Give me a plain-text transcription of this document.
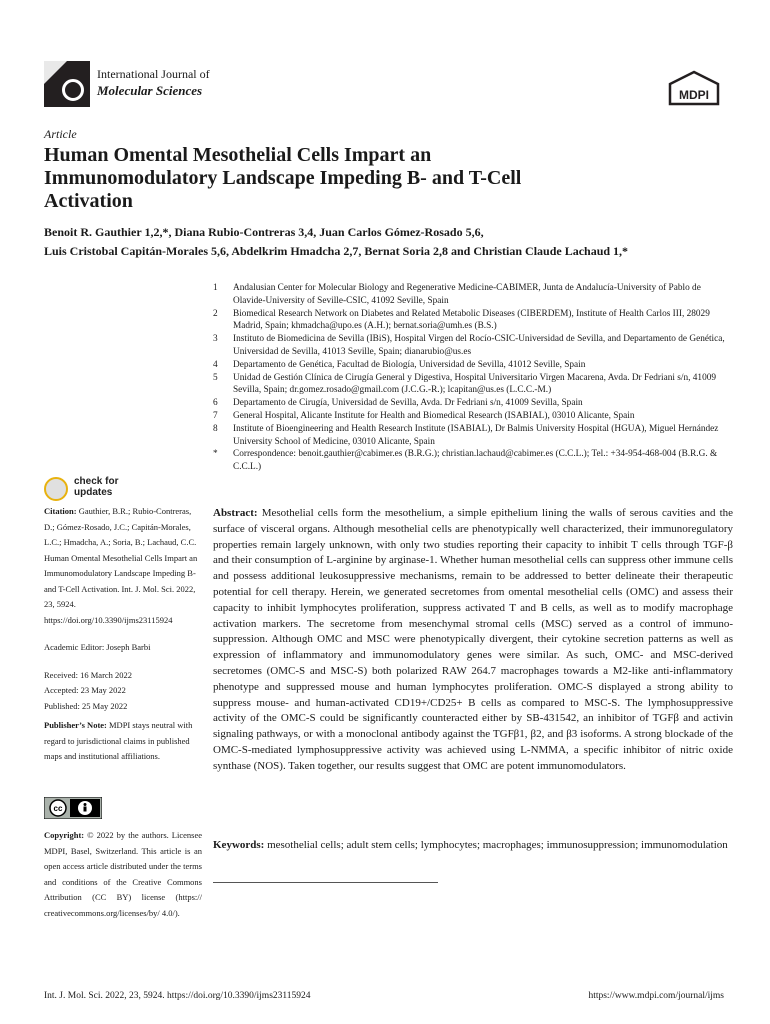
International Journal of
Molecular Sciences	MDPI
Article
Human Omental Mesothelial Cells Impart an Immunomodulatory Landscape Impeding B- and T-Cell Activation
Benoit R. Gauthier 1,2,*, Diana Rubio-Contreras 3,4, Juan Carlos Gómez-Rosado 5,6,
Luis Cristobal Capitán-Morales 5,6, Abdelkrim Hmadcha 2,7, Bernat Soria 2,8 and Christian Claude Lachaud 1,*
1	Andalusian Center for Molecular Biology and Regenerative Medicine-CABIMER, Junta de Andalucía-University of Pablo de Olavide-University of Seville-CSIC, 41092 Seville, Spain
2	Biomedical Research Network on Diabetes and Related Metabolic Diseases (CIBERDEM), Institute of Health Carlos III, 28029 Madrid, Spain; khmadcha@upo.es (A.H.); bernat.soria@umh.es (B.S.)
3	Instituto de Biomedicina de Sevilla (IBiS), Hospital Virgen del Rocío-CSIC-Universidad de Sevilla, and Departamento de Genética, Universidad de Sevilla, 41013 Seville, Spain; dianarubio@us.es
4	Departamento de Genética, Facultad de Biología, Universidad de Sevilla, 41012 Seville, Spain
5	Unidad de Gestión Clínica de Cirugía General y Digestiva, Hospital Universitario Virgen Macarena, Avda. Dr Fedriani s/n, 41009 Sevilla, Spain; dr.gomez.rosado@gmail.com (J.C.G.-R.); lcapitan@us.es (L.C.C.-M.)
6	Departamento de Cirugía, Universidad de Sevilla, Avda. Dr Fedriani s/n, 41009 Sevilla, Spain
7	General Hospital, Alicante Institute for Health and Biomedical Research (ISABIAL), 03010 Alicante, Spain
8	Institute of Bioengineering and Health Research Institute (ISABIAL), Dr Balmis University Hospital (HGUA), Miguel Hernández University School of Medicine, 03010 Alicante, Spain
*	Correspondence: benoit.gauthier@cabimer.es (B.R.G.); christian.lachaud@cabimer.es (C.C.L.); Tel.: +34-954-468-004 (B.R.G. & C.C.L.)
check for
updates

Citation: Gauthier, B.R.; Rubio-Contreras, D.; Gómez-Rosado, J.C.; Capitán-Morales, L.C.; Hmadcha, A.; Soria, B.; Lachaud, C.C. Human Omental Mesothelial Cells Impart an Immunomodulatory Landscape Impeding B- and T-Cell Activation. Int. J. Mol. Sci. 2022, 23, 5924. https://doi.org/10.3390/ijms23115924

Academic Editor: Joseph Barbi

Received: 16 March 2022
Accepted: 23 May 2022
Published: 25 May 2022

Publisher’s Note: MDPI stays neutral with regard to jurisdictional claims in published maps and institutional affiliations.

cc

Copyright: © 2022 by the authors. Licensee MDPI, Basel, Switzerland. This article is an open access article distributed under the terms and conditions of the Creative Commons Attribution (CC BY) license (https:// creativecommons.org/licenses/by/ 4.0/).

Abstract: Mesothelial cells form the mesothelium, a simple epithelium lining the walls of serous cavities and the surface of visceral organs. Although mesothelial cells are phenotypically well characterized, their immunoregulatory properties remain largely unknown, with only two studies reporting their capacity to inhibit T cells through TGF-β and their consumption of L-arginine by arginase-1. Whether human mesothelial cells can suppress other immune cells and possess additional leukosuppressive mechanisms, remain to be addressed to better delineate their therapeutic potential for cell therapy. Herein, we generated secretomes from omental mesothelial cells (OMC) and assess their capacity to inhibit lymphocytes proliferation, suppress activated T and B cells, as well as to modify macrophage activation markers. The secretome from mesenchymal stromal cells (MSC) served as a control of immuno-suppression. Although OMC and MSC were phenotypically divergent, their cytokine secretion patterns as well as expression of inflammatory and immunomodulatory genes were similar. As such, OMC- and MSC-derived secretomes (OMC-S and MSC-S) both polarized RAW 264.7 macrophages towards a M2-like anti-inflammatory phenotype and suppressed mouse and human lymphocytes proliferation. OMC-S displayed a strong ability to suppress mouse- and human-activated CD19+/CD25+ B cells as compared to MSC-S. The lymphosuppressive activity of the OMC-S could be significantly counteracted either by SB-431542, an inhibitor of TGFβ and activin signaling pathways, or with a monoclonal antibody against the TGFβ1, β2, and β3 isoforms. A strong blockade of the OMC-S-mediated lymphosuppressive activity was achieved using L-NMMA, a specific inhibitor of nitric oxide synthase (NOS). Taken together, our results suggest that OMC are potent immunomodulators.

Keywords: mesothelial cells; adult stem cells; lymphocytes; macrophages; immunosuppression; immunomodulation
Int. J. Mol. Sci. 2022, 23, 5924. https://doi.org/10.3390/ijms23115924	https://www.mdpi.com/journal/ijms
